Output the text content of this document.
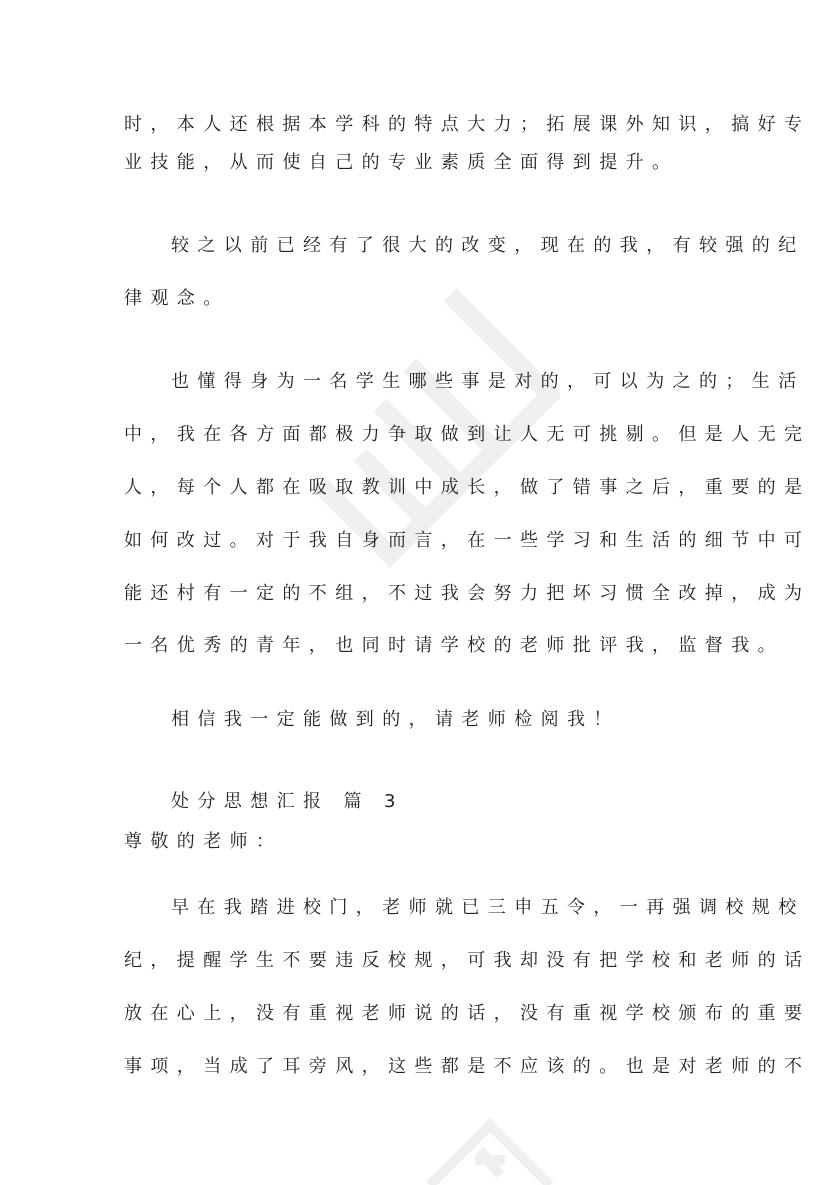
时，本人还根据本学科的特点大力；拓展课外知识，搞好专
业技能，从而使自己的专业素质全面得到提升。
较之以前已经有了很大的改变，现在的我，有较强的纪
律观念。
也懂得身为一名学生哪些事是对的，可以为之的；生活
中，我在各方面都极力争取做到让人无可挑剔。但是人无完
人，每个人都在吸取教训中成长，做了错事之后，重要的是
如何改过。对于我自身而言，在一些学习和生活的细节中可
能还村有一定的不组，不过我会努力把坏习惯全改掉，成为
一名优秀的青年，也同时请学校的老师批评我，监督我。
相信我一定能做到的，请老师检阅我！
处分思想汇报 篇 3
尊敬的老师：
早在我踏进校门，老师就已三申五令，一再强调校规校
纪，提醒学生不要违反校规，可我却没有把学校和老师的话
放在心上，没有重视老师说的话，没有重视学校颁布的重要
事项，当成了耳旁风，这些都是不应该的。也是对老师的不
